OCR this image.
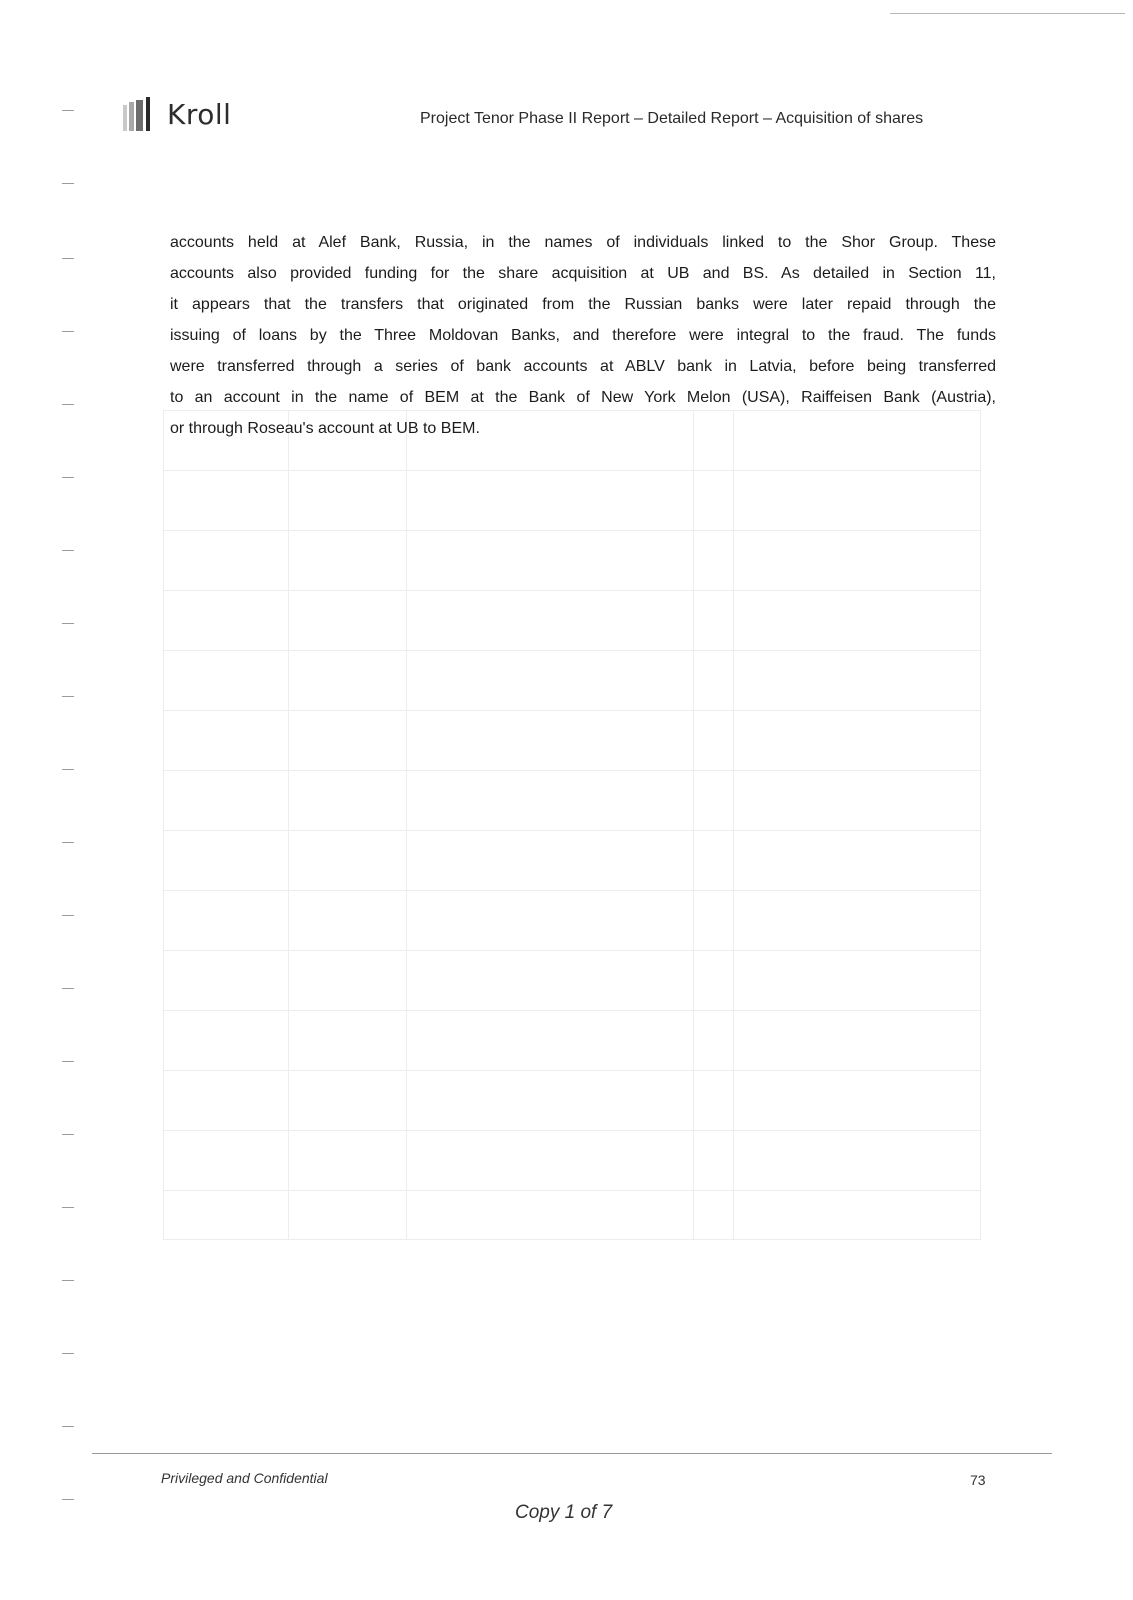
Kroll	Project Tenor Phase II Report – Detailed Report – Acquisition of shares
accounts held at Alef Bank, Russia, in the names of individuals linked to the Shor Group. These
accounts also provided funding for the share acquisition at UB and BS. As detailed in Section 11,
it appears that the transfers that originated from the Russian banks were later repaid through the
issuing of loans by the Three Moldovan Banks, and therefore were integral to the fraud. The funds
were transferred through a series of bank accounts at ABLV bank in Latvia, before being transferred
to an account in the name of BEM at the Bank of New York Melon (USA), Raiffeisen Bank (Austria),
or through Roseau's account at UB to BEM.
Privileged and Confidential	73
Copy 1 of 7
